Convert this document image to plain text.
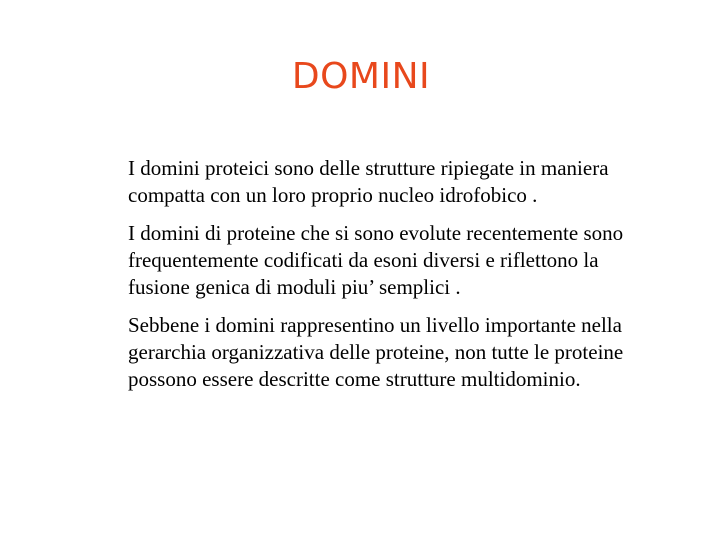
DOMINI

I domini proteici sono delle strutture ripiegate in maniera compatta con un loro proprio nucleo idrofobico .

I domini di proteine che si sono evolute recentemente sono frequentemente codificati da esoni diversi e riflettono la fusione genica di moduli piu’ semplici .

Sebbene i domini rappresentino un livello importante nella gerarchia organizzativa delle proteine, non tutte le proteine possono essere descritte come strutture multidominio.
